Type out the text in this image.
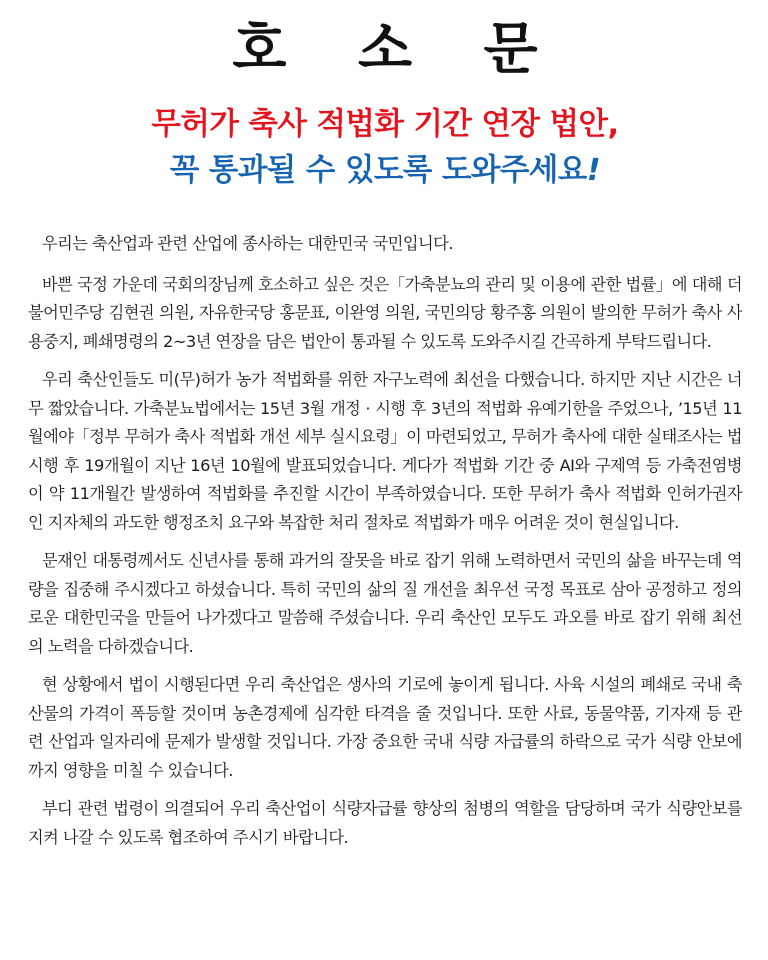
호 소 문
무허가 축사 적법화 기간 연장 법안,
꼭 통과될 수 있도록 도와주세요!

우리는 축산업과 관련 산업에 종사하는 대한민국 국민입니다.

바쁜 국정 가운데 국회의장님께 호소하고 싶은 것은「가축분뇨의 관리 및 이용에 관한 법률」에 대해 더불어민주당 김현권 의원, 자유한국당 홍문표, 이완영 의원, 국민의당 황주홍 의원이 발의한 무허가 축사 사용중지, 폐쇄명령의 2~3년 연장을 담은 법안이 통과될 수 있도록 도와주시길 간곡하게 부탁드립니다.

우리 축산인들도 미(무)허가 농가 적법화를 위한 자구노력에 최선을 다했습니다. 하지만 지난 시간은 너무 짧았습니다. 가축분뇨법에서는 15년 3월 개정 · 시행 후 3년의 적법화 유예기한을 주었으나, ’15년 11월에야「정부 무허가 축사 적법화 개선 세부 실시요령」이 마련되었고, 무허가 축사에 대한 실태조사는 법 시행 후 19개월이 지난 16년 10월에 발표되었습니다. 게다가 적법화 기간 중 AI와 구제역 등 가축전염병이 약 11개월간 발생하여 적법화를 추진할 시간이 부족하였습니다. 또한 무허가 축사 적법화 인허가권자인 지자체의 과도한 행정조치 요구와 복잡한 처리 절차로 적법화가 매우 어려운 것이 현실입니다.

문재인 대통령께서도 신년사를 통해 과거의 잘못을 바로 잡기 위해 노력하면서 국민의 삶을 바꾸는데 역량을 집중해 주시겠다고 하셨습니다. 특히 국민의 삶의 질 개선을 최우선 국정 목표로 삼아 공정하고 정의로운 대한민국을 만들어 나가겠다고 말씀해 주셨습니다. 우리 축산인 모두도 과오를 바로 잡기 위해 최선의 노력을 다하겠습니다.

현 상황에서 법이 시행된다면 우리 축산업은 생사의 기로에 놓이게 됩니다. 사육 시설의 폐쇄로 국내 축산물의 가격이 폭등할 것이며 농촌경제에 심각한 타격을 줄 것입니다. 또한 사료, 동물약품, 기자재 등 관련 산업과 일자리에 문제가 발생할 것입니다. 가장 중요한 국내 식량 자급률의 하락으로 국가 식량 안보에까지 영향을 미칠 수 있습니다.

부디 관련 법령이 의결되어 우리 축산업이 식량자급률 향상의 첨병의 역할을 담당하며 국가 식량안보를 지켜 나갈 수 있도록 협조하여 주시기 바랍니다.
